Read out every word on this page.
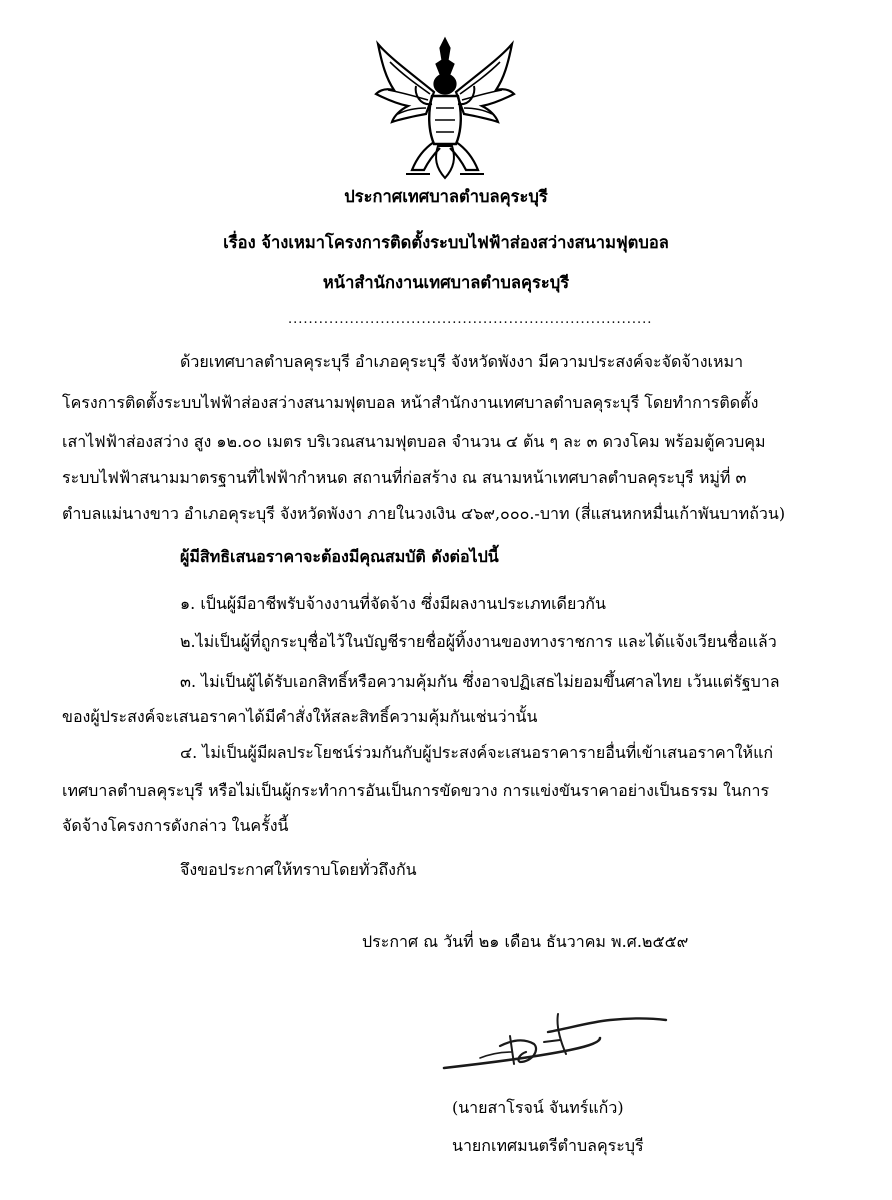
ประกาศเทศบาลตำบลคุระบุรี
เรื่อง จ้างเหมาโครงการติดตั้งระบบไฟฟ้าส่องสว่างสนามฟุตบอล
หน้าสำนักงานเทศบาลตำบลคุระบุรี
.......................................................................
ด้วยเทศบาลตำบลคุระบุรี อำเภอคุระบุรี จังหวัดพังงา มีความประสงค์จะจัดจ้างเหมา
โครงการติดตั้งระบบไฟฟ้าส่องสว่างสนามฟุตบอล หน้าสำนักงานเทศบาลตำบลคุระบุรี โดยทำการติดตั้ง
เสาไฟฟ้าส่องสว่าง สูง ๑๒.๐๐ เมตร บริเวณสนามฟุตบอล จำนวน ๔ ต้น ๆ ละ ๓ ดวงโคม พร้อมตู้ควบคุม
ระบบไฟฟ้าสนามมาตรฐานที่ไฟฟ้ากำหนด สถานที่ก่อสร้าง ณ สนามหน้าเทศบาลตำบลคุระบุรี หมู่ที่ ๓
ตำบลแม่นางขาว อำเภอคุระบุรี จังหวัดพังงา ภายในวงเงิน ๔๖๙,๐๐๐.-บาท (สี่แสนหกหมื่นเก้าพันบาทถ้วน)
ผู้มีสิทธิเสนอราคาจะต้องมีคุณสมบัติ ดังต่อไปนี้
๑. เป็นผู้มีอาชีพรับจ้างงานที่จัดจ้าง ซึ่งมีผลงานประเภทเดียวกัน
๒.ไม่เป็นผู้ที่ถูกระบุชื่อไว้ในบัญชีรายชื่อผู้ทิ้งงานของทางราชการ และได้แจ้งเวียนชื่อแล้ว
๓. ไม่เป็นผู้ได้รับเอกสิทธิ์หรือความคุ้มกัน ซึ่งอาจปฏิเสธไม่ยอมขึ้นศาลไทย เว้นแต่รัฐบาล
ของผู้ประสงค์จะเสนอราคาได้มีคำสั่งให้สละสิทธิ์ความคุ้มกันเช่นว่านั้น
๔. ไม่เป็นผู้มีผลประโยชน์ร่วมกันกับผู้ประสงค์จะเสนอราคารายอื่นที่เข้าเสนอราคาให้แก่
เทศบาลตำบลคุระบุรี หรือไม่เป็นผู้กระทำการอันเป็นการขัดขวาง การแข่งขันราคาอย่างเป็นธรรม ในการ
จัดจ้างโครงการดังกล่าว ในครั้งนี้
จึงขอประกาศให้ทราบโดยทั่วถึงกัน
ประกาศ ณ วันที่ ๒๑ เดือน ธันวาคม พ.ศ.๒๕๕๙
(นายสาโรจน์ จันทร์แก้ว)
นายกเทศมนตรีตำบลคุระบุรี
